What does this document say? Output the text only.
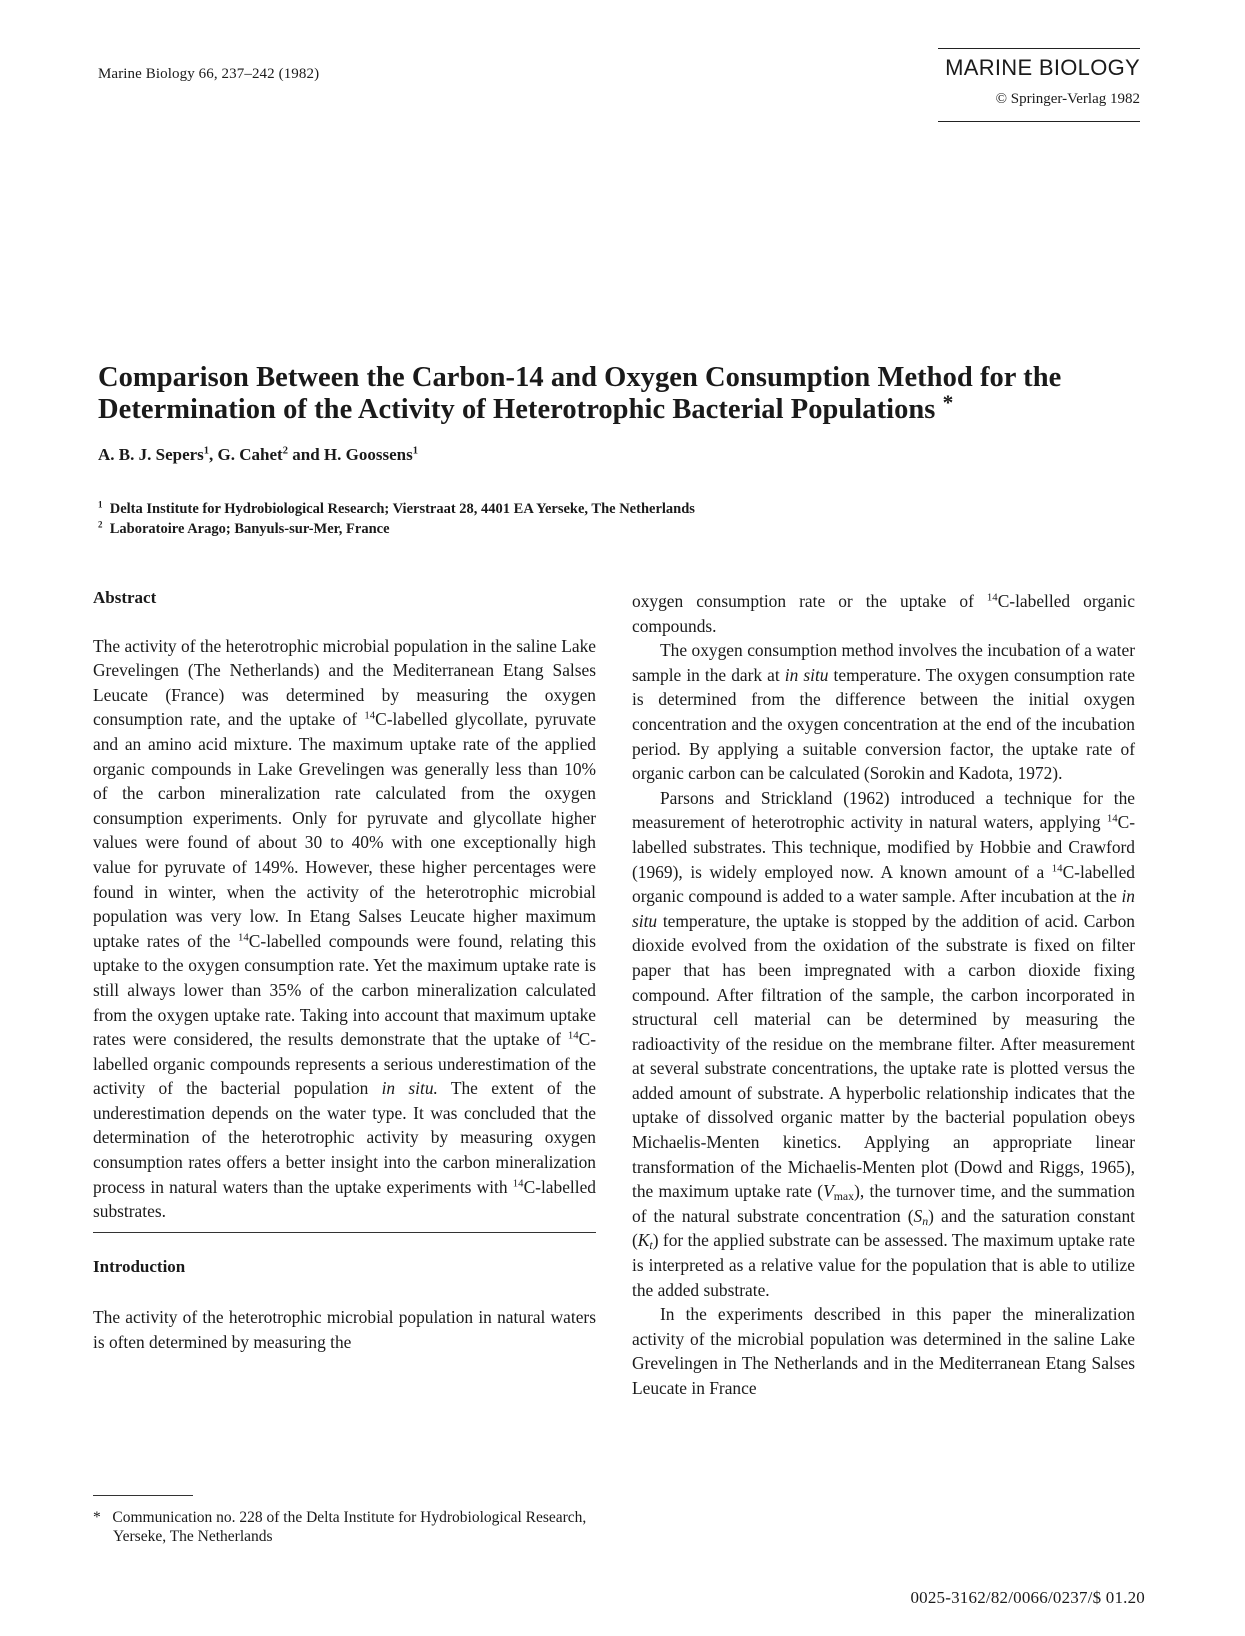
Marine Biology 66, 237–242 (1982)	MARINE BIOLOGY
© Springer-Verlag 1982
Comparison Between the Carbon-14 and Oxygen Consumption Method for the
Determination of the Activity of Heterotrophic Bacterial Populations *
A. B. J. Sepers$^1$, G. Cahet$^2$ and H. Goossens$^1$
$^1$ Delta Institute for Hydrobiological Research; Vierstraat 28, 4401 EA Yerseke, The Netherlands
$^2$ Laboratoire Arago; Banyuls-sur-Mer, France
Abstract

The activity of the heterotrophic microbial population in the saline Lake Grevelingen (The Netherlands) and the Mediterranean Etang Salses Leucate (France) was determined by measuring the oxygen consumption rate, and the uptake of $^{14}$C-labelled glycollate, pyruvate and an amino acid mixture. The maximum uptake rate of the applied organic compounds in Lake Grevelingen was generally less than 10% of the carbon mineralization rate calculated from the oxygen consumption experiments. Only for pyruvate and glycollate higher values were found of about 30 to 40% with one exceptionally high value for pyruvate of 149%. However, these higher percentages were found in winter, when the activity of the heterotrophic microbial population was very low. In Etang Salses Leucate higher maximum uptake rates of the $^{14}$C-labelled compounds were found, relating this uptake to the oxygen consumption rate. Yet the maximum uptake rate is still always lower than 35% of the carbon mineralization calculated from the oxygen uptake rate. Taking into account that maximum uptake rates were considered, the results demonstrate that the uptake of $^{14}$C-labelled organic compounds represents a serious underestimation of the activity of the bacterial population in situ. The extent of the underestimation depends on the water type. It was concluded that the determination of the heterotrophic activity by measuring oxygen consumption rates offers a better insight into the carbon mineralization process in natural waters than the uptake experiments with $^{14}$C-labelled substrates.

Introduction

The activity of the heterotrophic microbial population in natural waters is often determined by measuring the

oxygen consumption rate or the uptake of $^{14}$C-labelled organic compounds.

The oxygen consumption method involves the incubation of a water sample in the dark at in situ temperature. The oxygen consumption rate is determined from the difference between the initial oxygen concentration and the oxygen concentration at the end of the incubation period. By applying a suitable conversion factor, the uptake rate of organic carbon can be calculated (Sorokin and Kadota, 1972).

Parsons and Strickland (1962) introduced a technique for the measurement of heterotrophic activity in natural waters, applying $^{14}$C-labelled substrates. This technique, modified by Hobbie and Crawford (1969), is widely employed now. A known amount of a $^{14}$C-labelled organic compound is added to a water sample. After incubation at the in situ temperature, the uptake is stopped by the addition of acid. Carbon dioxide evolved from the oxidation of the substrate is fixed on filter paper that has been impregnated with a carbon dioxide fixing compound. After filtration of the sample, the carbon incorporated in structural cell material can be determined by measuring the radioactivity of the residue on the membrane filter. After measurement at several substrate concentrations, the uptake rate is plotted versus the added amount of substrate. A hyperbolic relationship indicates that the uptake of dissolved organic matter by the bacterial population obeys Michaelis-Menten kinetics. Applying an appropriate linear transformation of the Michaelis-Menten plot (Dowd and Riggs, 1965), the maximum uptake rate $(V_{max})$, the turnover time, and the summation of the natural substrate concentration $(S_n)$ and the saturation constant $(K_t)$ for the applied substrate can be assessed. The maximum uptake rate is interpreted as a relative value for the population that is able to utilize the added substrate.

In the experiments described in this paper the mineralization activity of the microbial population was determined in the saline Lake Grevelingen in The Netherlands and in the Mediterranean Etang Salses Leucate in France

* Communication no. 228 of the Delta Institute for Hydrobiological Research, Yerseke, The Netherlands
0025-3162/82/0066/0237/$ 01.20
